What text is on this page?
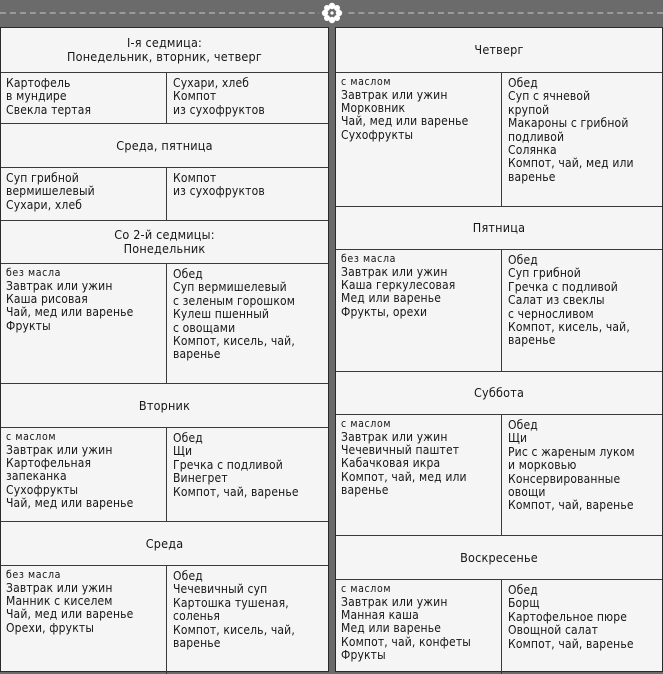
I-я седмица:
Понедельник, вторник, четверг
Картофель
в мундире
Свекла тертая
Сухари, хлеб
Компот
из сухофруктов
Среда, пятница
Суп грибной
вермишелевый
Сухари, хлеб
Компот
из сухофруктов
Со 2-й седмицы:
Понедельник
без масла
Завтрак или ужин
Каша рисовая
Чай, мед или варенье
Фрукты
Обед
Суп вермишелевый
с зеленым горошком
Кулеш пшенный
с овощами
Компот, кисель, чай,
варенье
Вторник
с маслом
Завтрак или ужин
Картофельная
запеканка
Сухофрукты
Чай, мед или варенье
Обед
Щи
Гречка с подливой
Винегрет
Компот, чай, варенье
Среда
без масла
Завтрак или ужин
Манник с киселем
Чай, мед или варенье
Орехи, фрукты
Обед
Чечевичный суп
Картошка тушеная,
соленья
Компот, кисель, чай,
варенье
Четверг
с маслом
Завтрак или ужин
Морковник
Чай, мед или варенье
Сухофрукты
Обед
Суп с ячневой
крупой
Макароны с грибной
подливой
Солянка
Компот, чай, мед или
варенье
Пятница
без масла
Завтрак или ужин
Каша геркулесовая
Мед или варенье
Фрукты, орехи
Обед
Суп грибной
Гречка с подливой
Салат из свеклы
с черносливом
Компот, кисель, чай,
варенье
Суббота
с маслом
Завтрак или ужин
Чечевичный паштет
Кабачковая икра
Компот, чай, мед или
варенье
Обед
Щи
Рис с жареным луком
и морковью
Консервированные
овощи
Компот, чай, варенье
Воскресенье
с маслом
Завтрак или ужин
Манная каша
Мед или варенье
Компот, чай, конфеты
Фрукты
Обед
Борщ
Картофельное пюре
Овощной салат
Компот, чай, варенье
